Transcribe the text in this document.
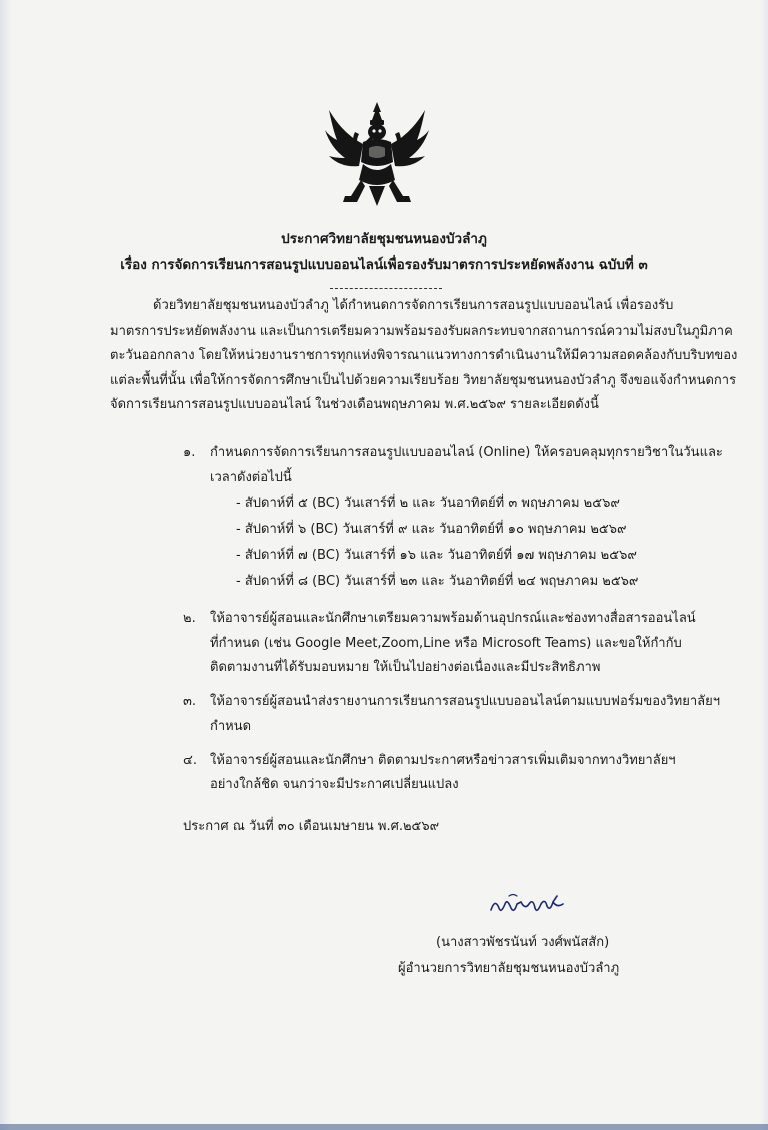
ประกาศวิทยาลัยชุมชนหนองบัวลำภู
เรื่อง การจัดการเรียนการสอนรูปแบบออนไลน์เพื่อรองรับมาตรการประหยัดพลังงาน ฉบับที่ ๓
ด้วยวิทยาลัยชุมชนหนองบัวลำภู ได้กำหนดการจัดการเรียนการสอนรูปแบบออนไลน์ เพื่อรองรับ
มาตรการประหยัดพลังงาน และเป็นการเตรียมความพร้อมรองรับผลกระทบจากสถานการณ์ความไม่สงบในภูมิภาค
ตะวันออกกลาง โดยให้หน่วยงานราชการทุกแห่งพิจารณาแนวทางการดำเนินงานให้มีความสอดคล้องกับบริบทของ
แต่ละพื้นที่นั้น เพื่อให้การจัดการศึกษาเป็นไปด้วยความเรียบร้อย วิทยาลัยชุมชนหนองบัวลำภู จึงขอแจ้งกำหนดการ
จัดการเรียนการสอนรูปแบบออนไลน์ ในช่วงเดือนพฤษภาคม พ.ศ.๒๕๖๙ รายละเอียดดังนี้
๑. กำหนดการจัดการเรียนการสอนรูปแบบออนไลน์ (Online) ให้ครอบคลุมทุกรายวิชาในวันและ
เวลาดังต่อไปนี้
- สัปดาห์ที่ ๕ (BC) วันเสาร์ที่ ๒ และ วันอาทิตย์ที่ ๓ พฤษภาคม ๒๕๖๙
- สัปดาห์ที่ ๖ (BC) วันเสาร์ที่ ๙ และ วันอาทิตย์ที่ ๑๐ พฤษภาคม ๒๕๖๙
- สัปดาห์ที่ ๗ (BC) วันเสาร์ที่ ๑๖ และ วันอาทิตย์ที่ ๑๗ พฤษภาคม ๒๕๖๙
- สัปดาห์ที่ ๘ (BC) วันเสาร์ที่ ๒๓ และ วันอาทิตย์ที่ ๒๔ พฤษภาคม ๒๕๖๙
๒. ให้อาจารย์ผู้สอนและนักศึกษาเตรียมความพร้อมด้านอุปกรณ์และช่องทางสื่อสารออนไลน์
ที่กำหนด (เช่น Google Meet,Zoom,Line หรือ Microsoft Teams) และขอให้กำกับ
ติดตามงานที่ได้รับมอบหมาย ให้เป็นไปอย่างต่อเนื่องและมีประสิทธิภาพ
๓. ให้อาจารย์ผู้สอนนำส่งรายงานการเรียนการสอนรูปแบบออนไลน์ตามแบบฟอร์มของวิทยาลัยฯ
กำหนด
๔. ให้อาจารย์ผู้สอนและนักศึกษา ติดตามประกาศหรือข่าวสารเพิ่มเติมจากทางวิทยาลัยฯ
อย่างใกล้ชิด จนกว่าจะมีประกาศเปลี่ยนแปลง
ประกาศ ณ วันที่ ๓๐ เดือนเมษายน พ.ศ.๒๕๖๙
(นางสาวพัชรนันท์ วงศ์พนัสสัก)
ผู้อำนวยการวิทยาลัยชุมชนหนองบัวลำภู
